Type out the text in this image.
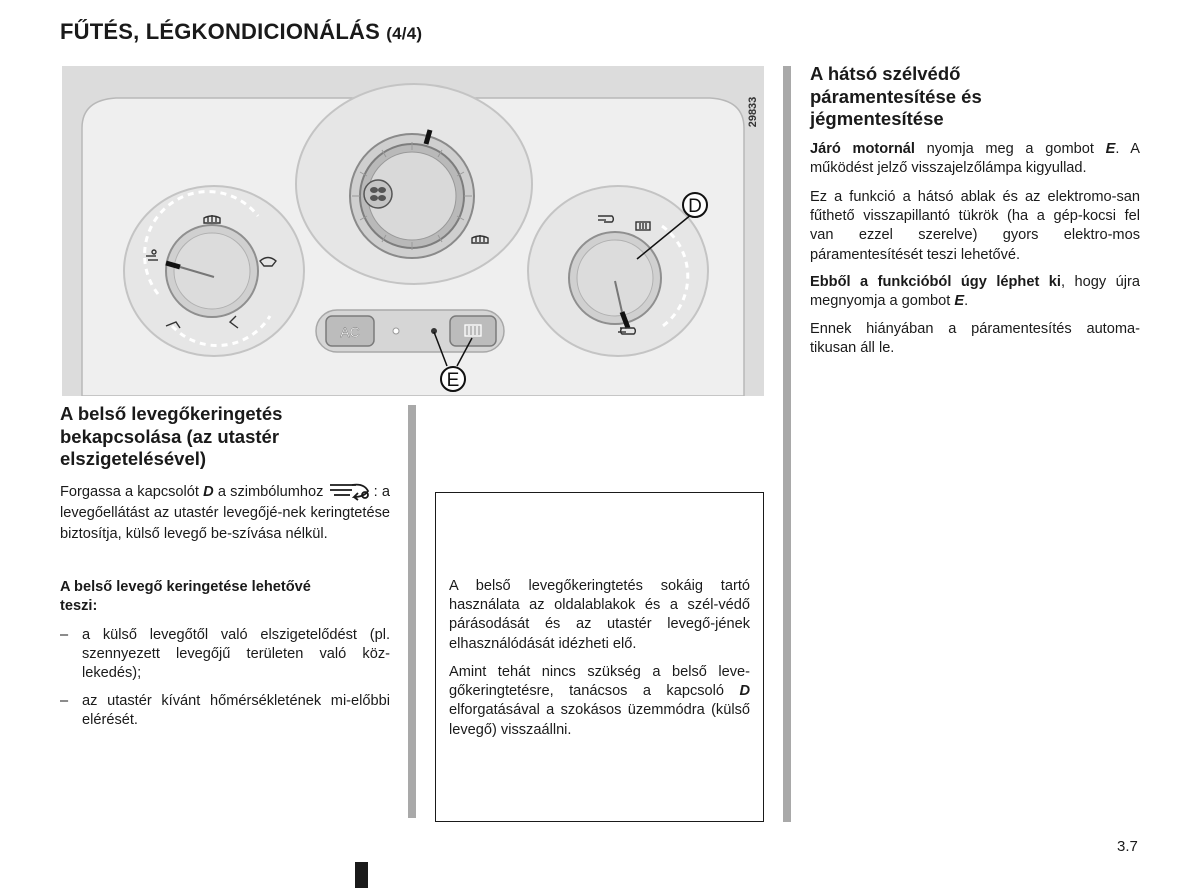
FŰTÉS, LÉGKONDICIONÁLÁS (4/4)
AC
D
E
29833
A belső levegőkeringetés
bekapcsolása (az utastér
elszigetelésével)
Forgassa a kapcsolót D a szimbólumhoz	: a levegőellátást az utastér levegőjé-nek keringtetése biztosítja, külső levegő be-szívása nélkül.
A belső levegő keringetése lehetővé
teszi:
– a külső levegőtől való elszigetelődést (pl. szennyezett levegőjű területen való köz-lekedés);
– az utastér kívánt hőmérsékletének mi-előbbi elérését.
A belső levegőkeringtetés sokáig tartó használata az oldalablakok és a szél-védő párásodását és az utastér levegő-jének elhasználódását idézheti elő.
Amint tehát nincs szükség a belső leve-gőkeringtetésre, tanácsos a kapcsoló D elforgatásával a szokásos üzemmódra (külső levegő) visszaállni.
A hátsó szélvédő
páramentesítése és
jégmentesítése
Járó motornál nyomja meg a gombot E. A működést jelző visszajelzőlámpa kigyullad.
Ez a funkció a hátsó ablak és az elektromo-san fűthető visszapillantó tükrök (ha a gép-kocsi fel van ezzel szerelve) gyors elektro-mos páramentesítését teszi lehetővé.
Ebből a funkcióból úgy léphet ki, hogy újra megnyomja a gombot E.
Ennek hiányában a páramentesítés automa-tikusan áll le.
3.7
